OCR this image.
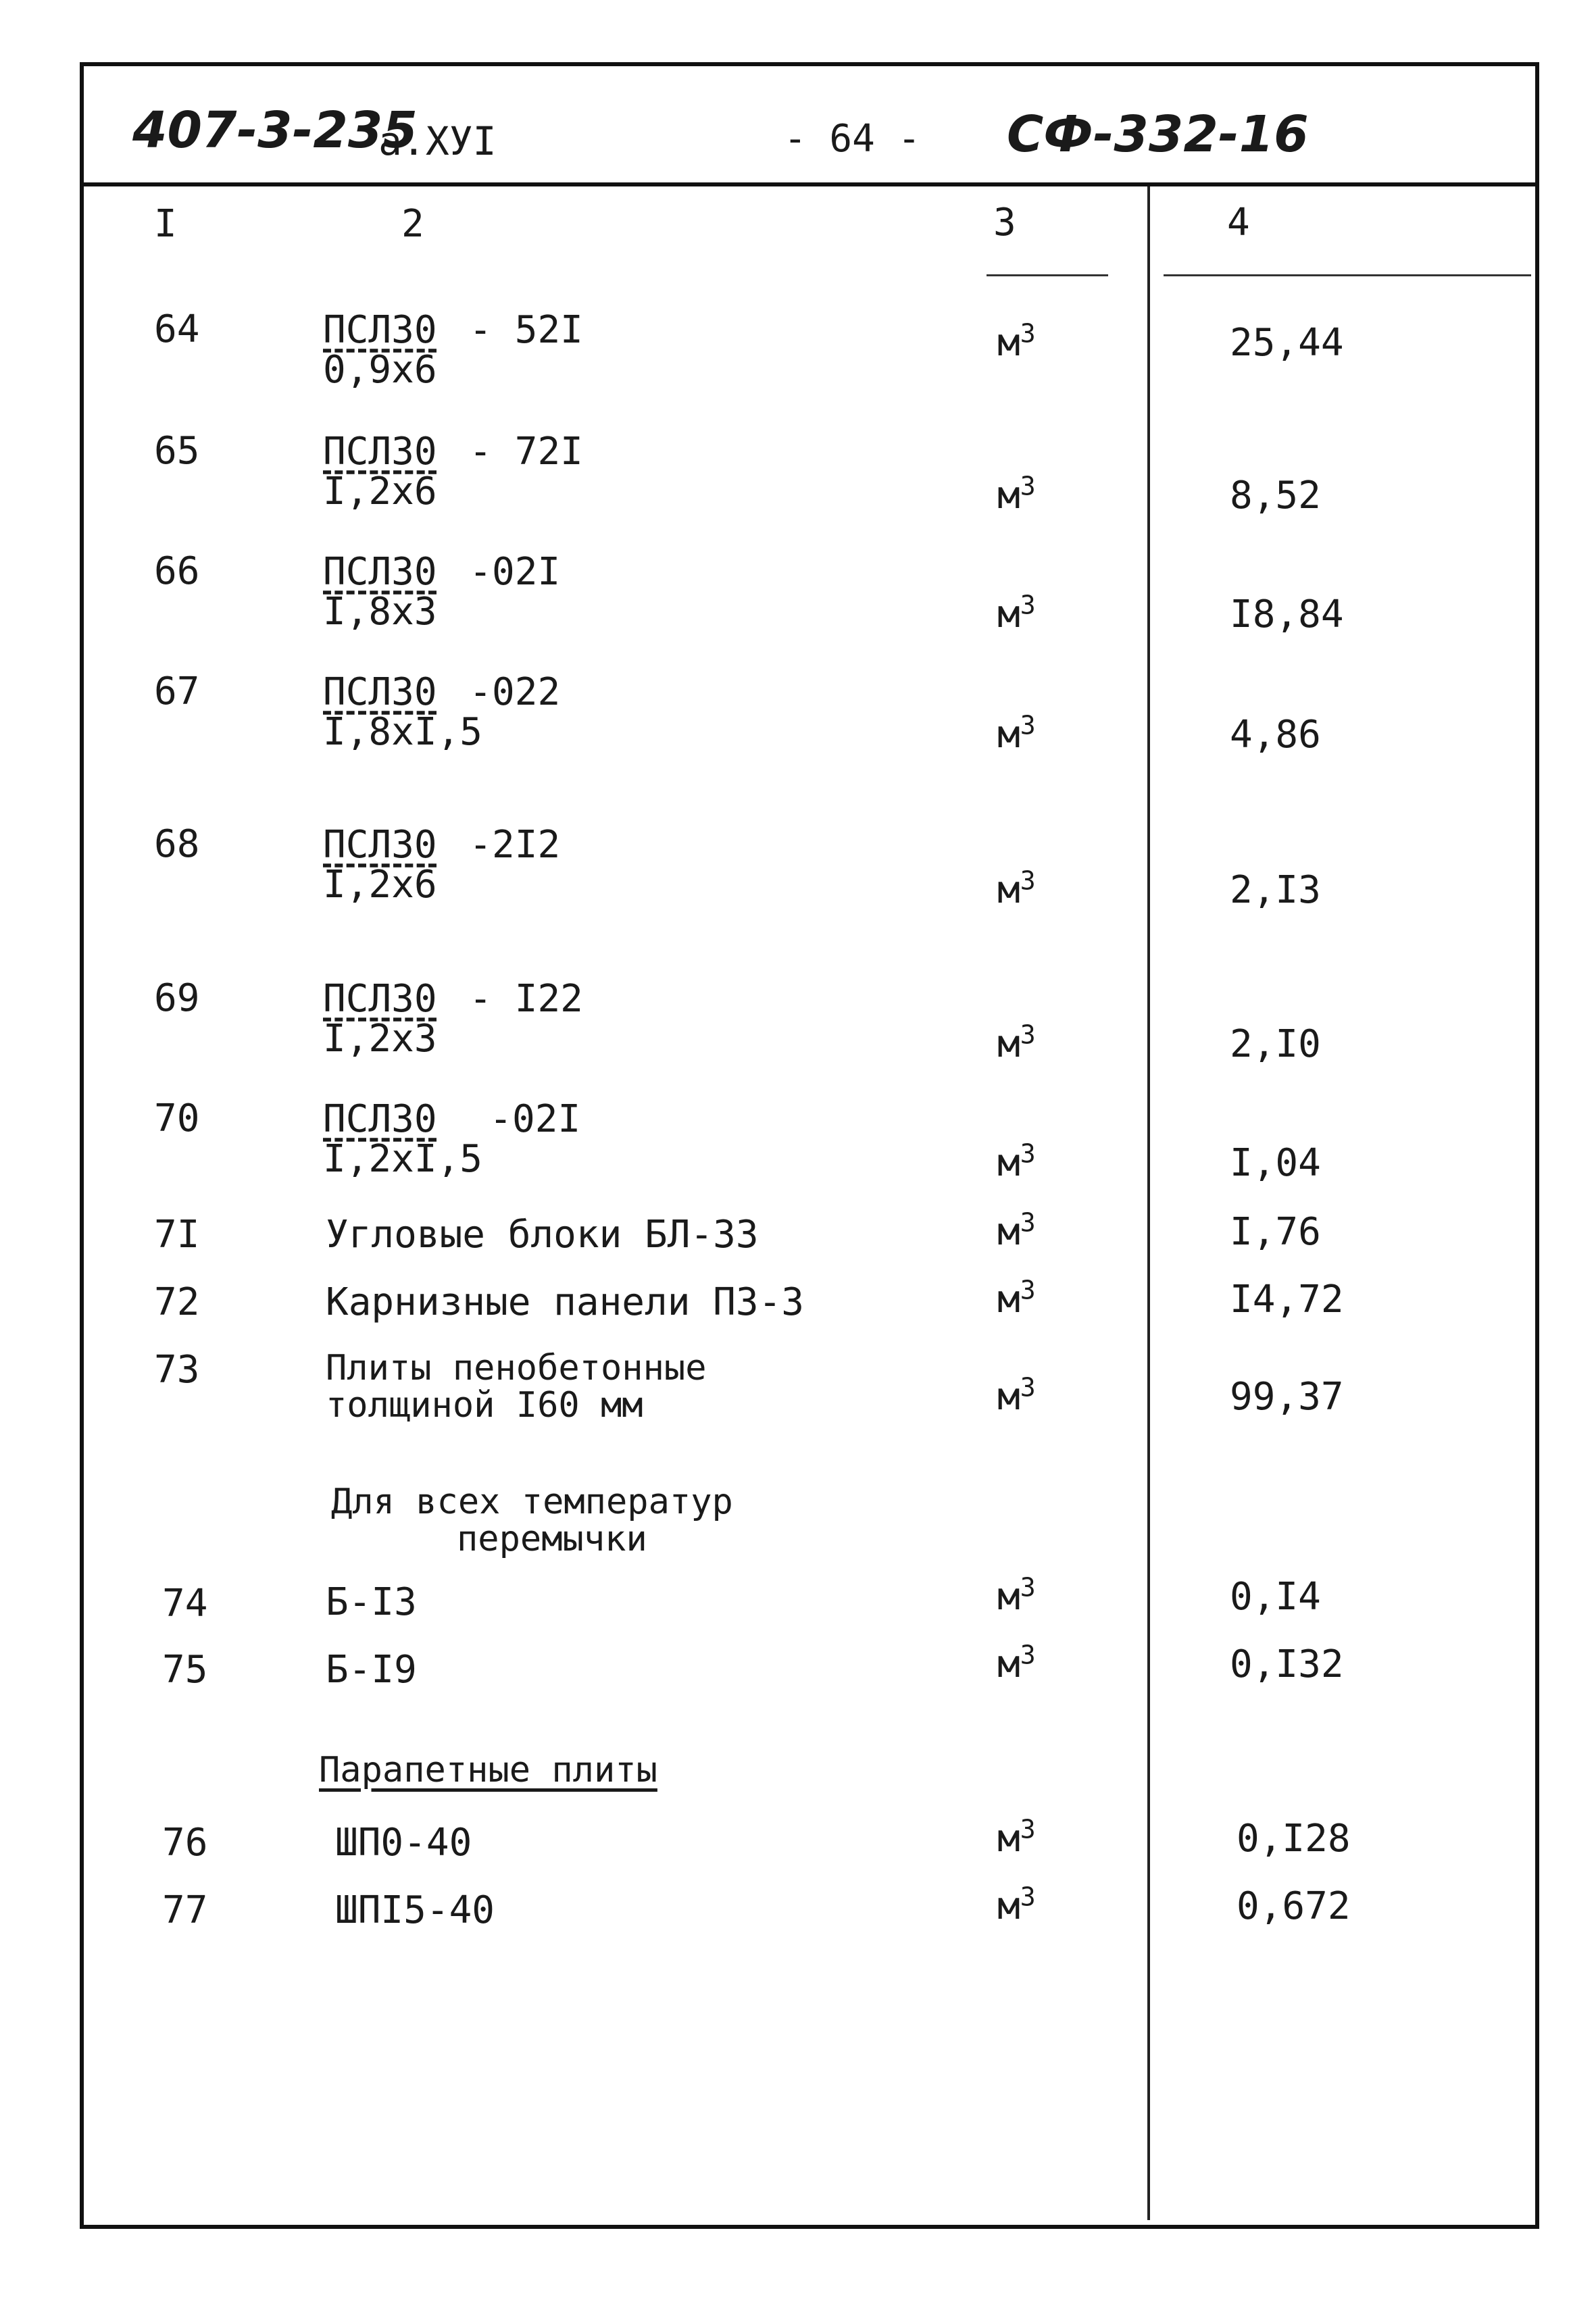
407-3-235
а.XУI	- 64 - СФ-332-16
I	2	3	4
64	ПСЛ30 - 52I
0,9x6
$м^3$	25,44
65	ПСЛ30 - 72I
I,2x6	$м^3$	8,52
66	ПСЛ30 -02I
I,8x3	$м^3$	I8,84
67	ПСЛ30 -022
I,8xI,5	$м^3$	4,86
68	ПСЛ30 -2I2
I,2x6	$м^3$	2,I3
69	ПСЛ30 - I22
I,2x3	$м^3$	2,I0
70	ПСЛ30 -02I
I,2xI,5	$м^3$	I,04
7I	Угловые блоки БЛ-33	$м^3$	I,76
72	Карнизные панели ПЗ-3	$м^3$	I4,72
73	Плиты пенобетонные
толщиной I60 мм	$м^3$	99,37
Для всех температур
перемычки
74	Б-I3	$м^3$	0,I4
75	Б-I9	$м^3$	0,I32
Парапетные плиты
76	ШП0-40	$м^3$	0,I28
77	ШПI5-40	$м^3$	0,672
